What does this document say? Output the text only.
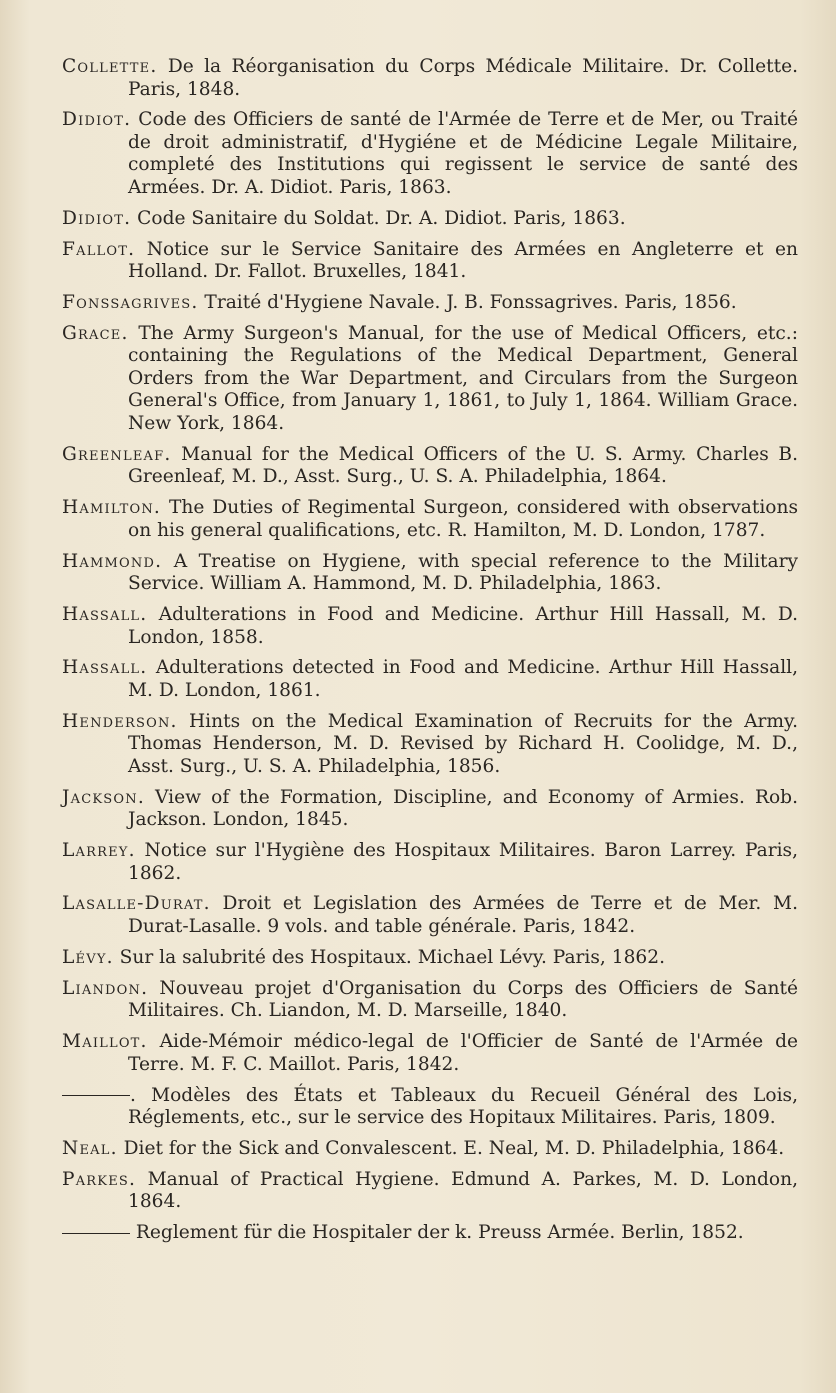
Collette. De la Réorganisation du Corps Médicale Militaire. Dr. Collette. Paris, 1848.

Didiot. Code des Officiers de santé de l'Armée de Terre et de Mer, ou Traité de droit administratif, d'Hygiéne et de Médicine Legale Militaire, completé des Institutions qui regissent le service de santé des Armées. Dr. A. Didiot. Paris, 1863.

Didiot. Code Sanitaire du Soldat. Dr. A. Didiot. Paris, 1863.

Fallot. Notice sur le Service Sanitaire des Armées en Angleterre et en Holland. Dr. Fallot. Bruxelles, 1841.

Fonssagrives. Traité d'Hygiene Navale. J. B. Fonssagrives. Paris, 1856.

Grace. The Army Surgeon's Manual, for the use of Medical Officers, etc.: containing the Regulations of the Medical Department, General Orders from the War Department, and Circulars from the Surgeon General's Office, from January 1, 1861, to July 1, 1864. William Grace. New York, 1864.

Greenleaf. Manual for the Medical Officers of the U. S. Army. Charles B. Greenleaf, M. D., Asst. Surg., U. S. A. Philadelphia, 1864.

Hamilton. The Duties of Regimental Surgeon, considered with observations on his general qualifications, etc. R. Hamilton, M. D. London, 1787.

Hammond. A Treatise on Hygiene, with special reference to the Military Service. William A. Hammond, M. D. Philadelphia, 1863.

Hassall. Adulterations in Food and Medicine. Arthur Hill Hassall, M. D. London, 1858.

Hassall. Adulterations detected in Food and Medicine. Arthur Hill Hassall, M. D. London, 1861.

Henderson. Hints on the Medical Examination of Recruits for the Army. Thomas Henderson, M. D. Revised by Richard H. Coolidge, M. D., Asst. Surg., U. S. A. Philadelphia, 1856.

Jackson. View of the Formation, Discipline, and Economy of Armies. Rob. Jackson. London, 1845.

Larrey. Notice sur l'Hygiène des Hospitaux Militaires. Baron Larrey. Paris, 1862.

Lasalle-Durat. Droit et Legislation des Armées de Terre et de Mer. M. Durat-Lasalle. 9 vols. and table générale. Paris, 1842.

Lévy. Sur la salubrité des Hospitaux. Michael Lévy. Paris, 1862.

Liandon. Nouveau projet d'Organisation du Corps des Officiers de Santé Militaires. Ch. Liandon, M. D. Marseille, 1840.

Maillot. Aide-Mémoir médico-legal de l'Officier de Santé de l'Armée de Terre. M. F. C. Maillot. Paris, 1842.

. Modèles des États et Tableaux du Recueil Général des Lois, Réglements, etc., sur le service des Hopitaux Militaires. Paris, 1809.

Neal. Diet for the Sick and Convalescent. E. Neal, M. D. Philadelphia, 1864.

Parkes. Manual of Practical Hygiene. Edmund A. Parkes, M. D. London, 1864.

Reglement für die Hospitaler der k. Preuss Armée. Berlin, 1852.
